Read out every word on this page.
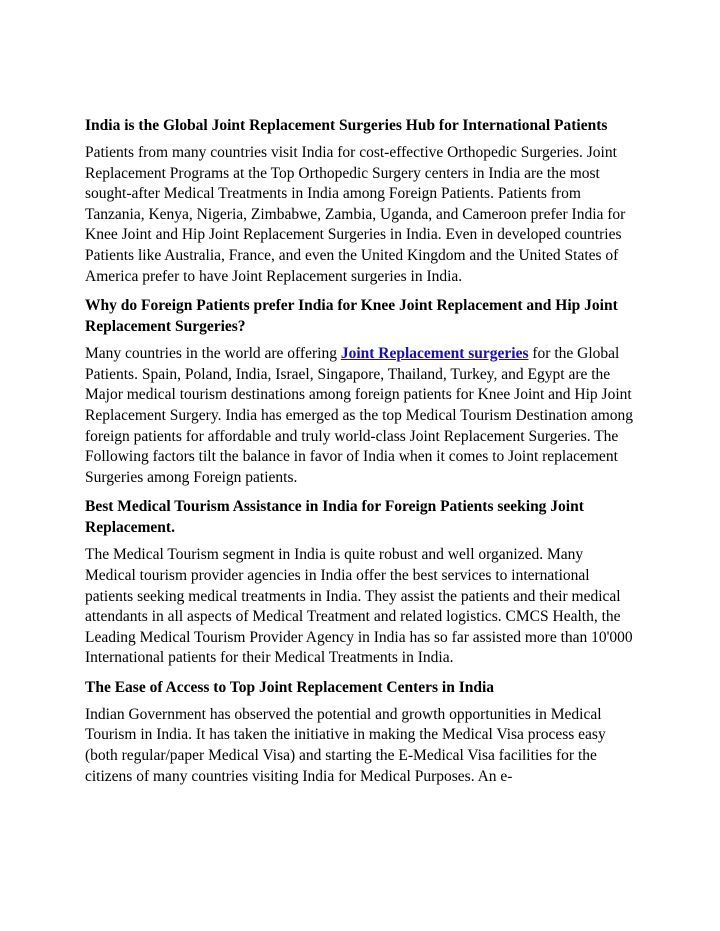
India is the Global Joint Replacement Surgeries Hub for International Patients

Patients from many countries visit India for cost-effective Orthopedic Surgeries. Joint Replacement Programs at the Top Orthopedic Surgery centers in India are the most sought-after Medical Treatments in India among Foreign Patients. Patients from Tanzania, Kenya, Nigeria, Zimbabwe, Zambia, Uganda, and Cameroon prefer India for Knee Joint and Hip Joint Replacement Surgeries in India. Even in developed countries Patients like Australia, France, and even the United Kingdom and the United States of America prefer to have Joint Replacement surgeries in India.

Why do Foreign Patients prefer India for Knee Joint Replacement and Hip Joint Replacement Surgeries?

Many countries in the world are offering Joint Replacement surgeries for the Global Patients. Spain, Poland, India, Israel, Singapore, Thailand, Turkey, and Egypt are the Major medical tourism destinations among foreign patients for Knee Joint and Hip Joint Replacement Surgery. India has emerged as the top Medical Tourism Destination among foreign patients for affordable and truly world-class Joint Replacement Surgeries. The Following factors tilt the balance in favor of India when it comes to Joint replacement Surgeries among Foreign patients.

Best Medical Tourism Assistance in India for Foreign Patients seeking Joint Replacement.

The Medical Tourism segment in India is quite robust and well organized. Many Medical tourism provider agencies in India offer the best services to international patients seeking medical treatments in India. They assist the patients and their medical attendants in all aspects of Medical Treatment and related logistics. CMCS Health, the Leading Medical Tourism Provider Agency in India has so far assisted more than 10'000 International patients for their Medical Treatments in India.

The Ease of Access to Top Joint Replacement Centers in India

Indian Government has observed the potential and growth opportunities in Medical Tourism in India. It has taken the initiative in making the Medical Visa process easy (both regular/paper Medical Visa) and starting the E-Medical Visa facilities for the citizens of many countries visiting India for Medical Purposes. An e-
